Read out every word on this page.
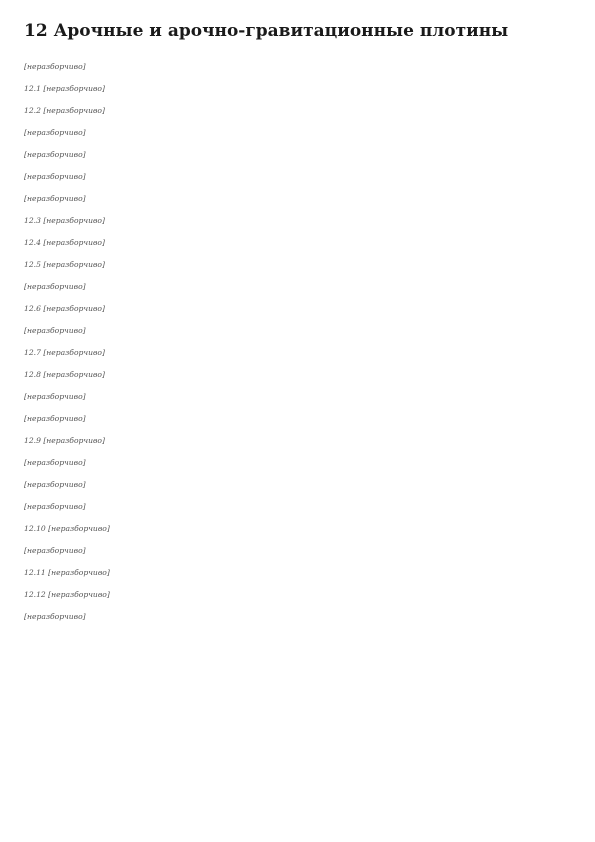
12 Арочные и арочно-гравитационные плотины

[неразборчиво]

12.1 [неразборчиво]

12.2 [неразборчиво]

[неразборчиво]

[неразборчиво]

[неразборчиво]

[неразборчиво]

12.3 [неразборчиво]

12.4 [неразборчиво]

12.5 [неразборчиво]

[неразборчиво]

12.6 [неразборчиво]

[неразборчиво]

12.7 [неразборчиво]

12.8 [неразборчиво]

[неразборчиво]

[неразборчиво]

12.9 [неразборчиво]

[неразборчиво]

[неразборчиво]

[неразборчиво]

12.10 [неразборчиво]

[неразборчиво]

12.11 [неразборчиво]

12.12 [неразборчиво]

[неразборчиво]
